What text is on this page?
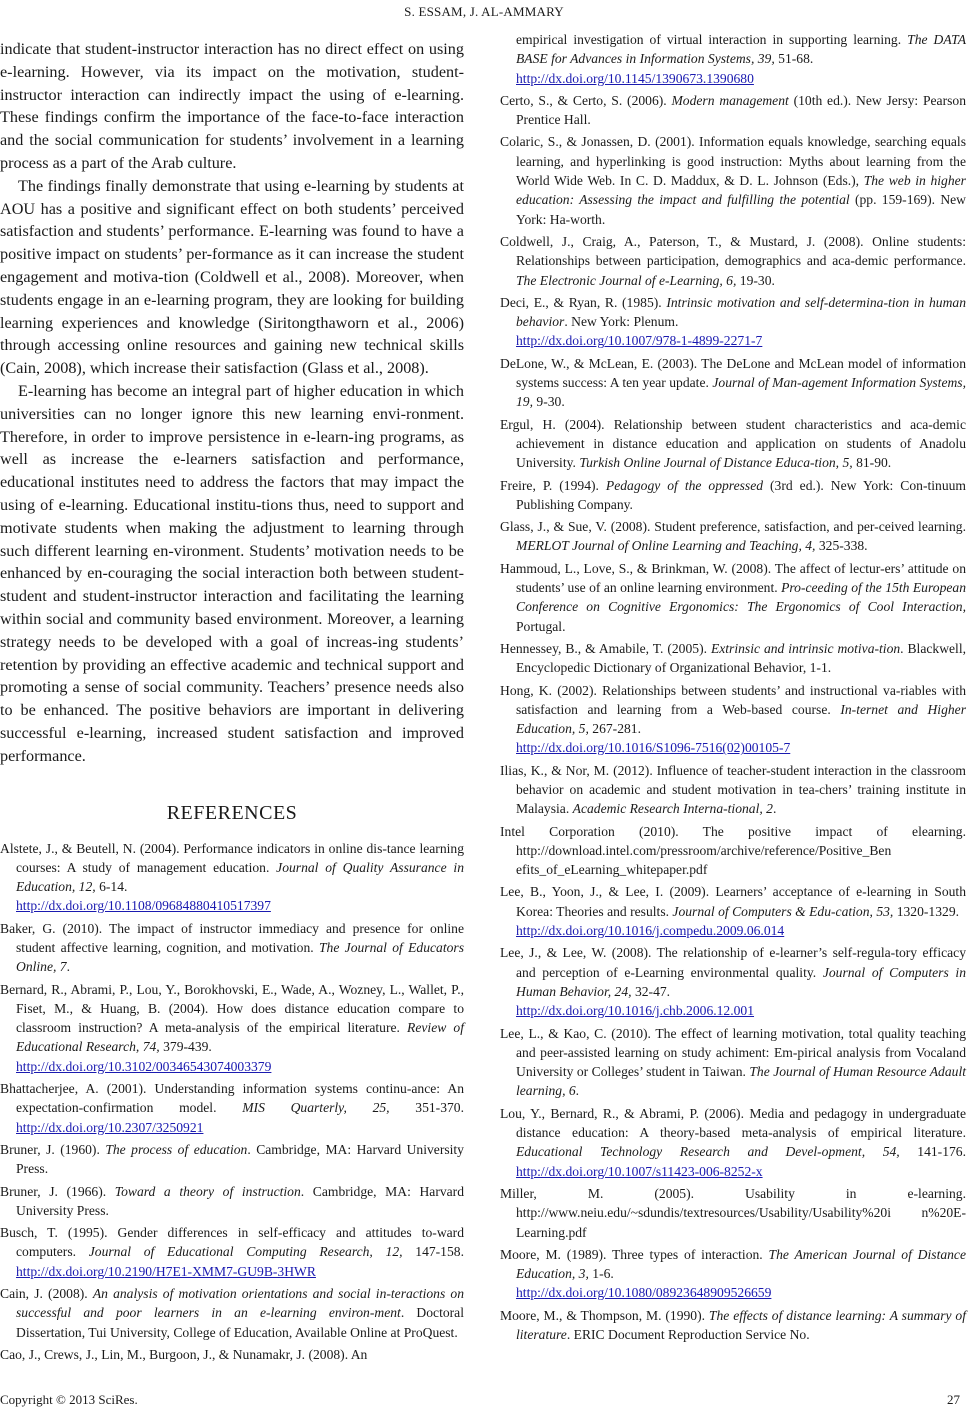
S. ESSAM, J. AL-AMMARY

indicate that student-instructor interaction has no direct effect on using e-learning. However, via its impact on the motivation, student-instructor interaction can indirectly impact the using of e-learning. These findings confirm the importance of the face-to-face interaction and the social communication for students’ involvement in a learning process as a part of the Arab culture.

The findings finally demonstrate that using e-learning by students at AOU has a positive and significant effect on both students’ perceived satisfaction and students’ performance. E-learning was found to have a positive impact on students’ per-formance as it can increase the student engagement and motiva-tion (Coldwell et al., 2008). Moreover, when students engage in an e-learning program, they are looking for building learning experiences and knowledge (Siritongthaworn et al., 2006) through accessing online resources and gaining new technical skills (Cain, 2008), which increase their satisfaction (Glass et al., 2008).

E-learning has become an integral part of higher education in which universities can no longer ignore this new learning envi-ronment. Therefore, in order to improve persistence in e-learn-ing programs, as well as increase the e-learners satisfaction and performance, educational institutes need to address the factors that may impact the using of e-learning. Educational institu-tions thus, need to support and motivate students when making the adjustment to learning through such different learning en-vironment. Students’ motivation needs to be enhanced by en-couraging the social interaction both between student-student and student-instructor interaction and facilitating the learning within social and community based environment. Moreover, a learning strategy needs to be developed with a goal of increas-ing students’ retention by providing an effective academic and technical support and promoting a sense of social community. Teachers’ presence needs also to be enhanced. The positive behaviors are important in delivering successful e-learning, increased student satisfaction and improved performance.

REFERENCES

Alstete, J., & Beutell, N. (2004). Performance indicators in online dis-tance learning courses: A study of management education. Journal of Quality Assurance in Education, 12, 6-14.
http://dx.doi.org/10.1108/09684880410517397

Baker, G. (2010). The impact of instructor immediacy and presence for online student affective learning, cognition, and motivation. The Journal of Educators Online, 7.

Bernard, R., Abrami, P., Lou, Y., Borokhovski, E., Wade, A., Wozney, L., Wallet, P., Fiset, M., & Huang, B. (2004). How does distance education compare to classroom instruction? A meta-analysis of the empirical literature. Review of Educational Research, 74, 379-439.
http://dx.doi.org/10.3102/00346543074003379

Bhattacherjee, A. (2001). Understanding information systems continu-ance: An expectation-confirmation model. MIS Quarterly, 25, 351-370. http://dx.doi.org/10.2307/3250921

Bruner, J. (1960). The process of education. Cambridge, MA: Harvard University Press.

Bruner, J. (1966). Toward a theory of instruction. Cambridge, MA: Harvard University Press.

Busch, T. (1995). Gender differences in self-efficacy and attitudes to-ward computers. Journal of Educational Computing Research, 12, 147-158. http://dx.doi.org/10.2190/H7E1-XMM7-GU9B-3HWR

Cain, J. (2008). An analysis of motivation orientations and social in-teractions on successful and poor learners in an e-learning environ-ment. Doctoral Dissertation, Tui University, College of Education, Available Online at ProQuest.

Cao, J., Crews, J., Lin, M., Burgoon, J., & Nunamakr, J. (2008). An

empirical investigation of virtual interaction in supporting learning. The DATA BASE for Advances in Information Systems, 39, 51-68.
http://dx.doi.org/10.1145/1390673.1390680

Certo, S., & Certo, S. (2006). Modern management (10th ed.). New Jersy: Pearson Prentice Hall.

Colaric, S., & Jonassen, D. (2001). Information equals knowledge, searching equals learning, and hyperlinking is good instruction: Myths about learning from the World Wide Web. In C. D. Maddux, & D. L. Johnson (Eds.), The web in higher education: Assessing the impact and fulfilling the potential (pp. 159-169). New York: Ha-worth.

Coldwell, J., Craig, A., Paterson, T., & Mustard, J. (2008). Online students: Relationships between participation, demographics and aca-demic performance. The Electronic Journal of e-Learning, 6, 19-30.

Deci, E., & Ryan, R. (1985). Intrinsic motivation and self-determina-tion in human behavior. New York: Plenum.
http://dx.doi.org/10.1007/978-1-4899-2271-7

DeLone, W., & McLean, E. (2003). The DeLone and McLean model of information systems success: A ten year update. Journal of Man-agement Information Systems, 19, 9-30.

Ergul, H. (2004). Relationship between student characteristics and aca-demic achievement in distance education and application on students of Anadolu University. Turkish Online Journal of Distance Educa-tion, 5, 81-90.

Freire, P. (1994). Pedagogy of the oppressed (3rd ed.). New York: Con-tinuum Publishing Company.

Glass, J., & Sue, V. (2008). Student preference, satisfaction, and per-ceived learning. MERLOT Journal of Online Learning and Teaching, 4, 325-338.

Hammoud, L., Love, S., & Brinkman, W. (2008). The affect of lectur-ers’ attitude on students’ use of an online learning environment. Pro-ceeding of the 15th European Conference on Cognitive Ergonomics: The Ergonomics of Cool Interaction, Portugal.

Hennessey, B., & Amabile, T. (2005). Extrinsic and intrinsic motiva-tion. Blackwell, Encyclopedic Dictionary of Organizational Behavior, 1-1.

Hong, K. (2002). Relationships between students’ and instructional va-riables with satisfaction and learning from a Web-based course. In-ternet and Higher Education, 5, 267-281.
http://dx.doi.org/10.1016/S1096-7516(02)00105-7

Ilias, K., & Nor, M. (2012). Influence of teacher-student interaction in the classroom behavior on academic and student motivation in tea-chers’ training institute in Malaysia. Academic Research Interna-tional, 2.

Intel Corporation (2010). The positive impact of elearning. http://download.intel.com/pressroom/archive/reference/Positive_Ben efits_of_eLearning_whitepaper.pdf

Lee, B., Yoon, J., & Lee, I. (2009). Learners’ acceptance of e-learning in South Korea: Theories and results. Journal of Computers & Edu-cation, 53, 1320-1329.
http://dx.doi.org/10.1016/j.compedu.2009.06.014

Lee, J., & Lee, W. (2008). The relationship of e-learner’s self-regula-tory efficacy and perception of e-Learning environmental quality. Journal of Computers in Human Behavior, 24, 32-47.
http://dx.doi.org/10.1016/j.chb.2006.12.001

Lee, L., & Kao, C. (2010). The effect of learning motivation, total quality teaching and peer-assisted learning on study achiment: Em-pirical analysis from Vocaland University or Colleges’ student in Taiwan. The Journal of Human Resource Adault learning, 6.

Lou, Y., Bernard, R., & Abrami, P. (2006). Media and pedagogy in undergraduate distance education: A theory-based meta-analysis of empirical literature. Educational Technology Research and Devel-opment, 54, 141-176. http://dx.doi.org/10.1007/s11423-006-8252-x

Miller, M. (2005). Usability in e-learning. http://www.neiu.edu/~sdundis/textresources/Usability/Usability%20i n%20E-Learning.pdf

Moore, M. (1989). Three types of interaction. The American Journal of Distance Education, 3, 1-6.
http://dx.doi.org/10.1080/08923648909526659

Moore, M., & Thompson, M. (1990). The effects of distance learning: A summary of literature. ERIC Document Reproduction Service No.

Copyright © 2013 SciRes.	27
